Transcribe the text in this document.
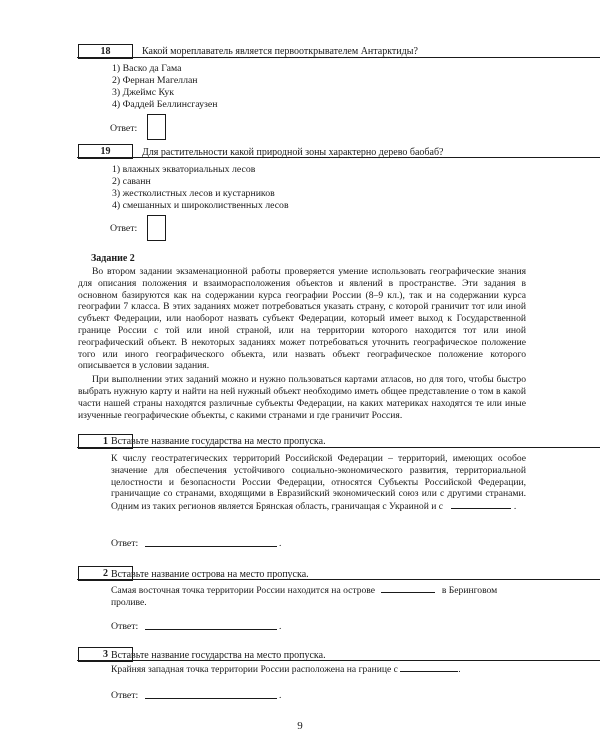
18	Какой мореплаватель является первооткрывателем Антарктиды?
1) Васко да Гама
2) Фернан Магеллан
3) Джеймс Кук
4) Фаддей Беллинсгаузен
Ответ:
19	Для растительности какой природной зоны характерно дерево баобаб?
1) влажных экваториальных лесов
2) саванн
3) жестколистных лесов и кустарников
4) смешанных и широколиственных лесов
Ответ:
Задание 2

Во втором задании экзаменационной работы проверяется умение использовать географические знания для описания положения и взаиморасположения объектов и явлений в пространстве. Эти задания в основном базируются как на содержании курса географии России (8–9 кл.), так и на содержании курса географии 7 класса. В этих заданиях может потребоваться указать страну, с которой граничит тот или иной субъект Федерации, или наоборот назвать субъект Федерации, который имеет выход к Государственной границе России с той или иной страной, или на территории которого находится тот или иной географический объект. В некоторых заданиях может потребоваться уточнить географическое положение того или иного географического объекта, или назвать объект географическое положение которого описывается в условии задания.

При выполнении этих заданий можно и нужно пользоваться картами атласов, но для того, чтобы быстро выбрать нужную карту и найти на ней нужный объект необходимо иметь общее представление о том в какой части нашей страны находятся различные субъекты Федерации, на каких материках находятся те или иные изученные географические объекты, с какими странами и где граничит Россия.

1 Вставьте название государства на место пропуска.
К числу геостратегических территорий Российской Федерации – территорий, имеющих особое значение для обеспечения устойчивого социально-экономического развития, территориальной целостности и безопасности России Федерации, относятся Субъекты Российской Федерации, граничащие со странами, входящими в Евразийский экономический союз или с другими странами. Одним из таких регионов является Брянская область, граничащая с Украиной и с	.
Ответ:	.
2 Вставьте название острова на место пропуска.
Самая восточная точка территории России находится на острове	в Беринговом проливе.
Ответ:	.
3 Вставьте название государства на место пропуска.
Крайняя западная точка территории России расположена на границе с	.
Ответ:	.
9
